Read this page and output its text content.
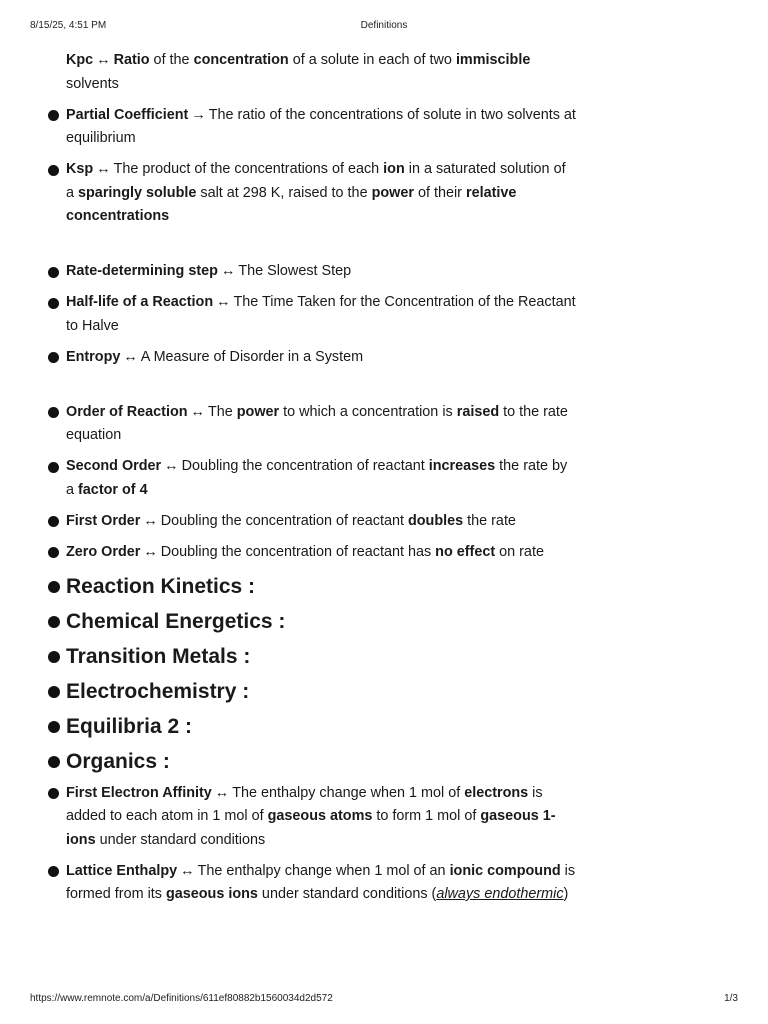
8/15/25, 4:51 PM	Definitions
Kpc ↔ Ratio of the concentration of a solute in each of two immiscible solvents
Partial Coefficient → The ratio of the concentrations of solute in two solvents at equilibrium
Ksp ↔ The product of the concentrations of each ion in a saturated solution of a sparingly soluble salt at 298 K, raised to the power of their relative concentrations
Rate-determining step ↔ The Slowest Step
Half-life of a Reaction ↔ The Time Taken for the Concentration of the Reactant to Halve
Entropy ↔ A Measure of Disorder in a System
Order of Reaction ↔ The power to which a concentration is raised to the rate equation
Second Order ↔ Doubling the concentration of reactant increases the rate by a factor of 4
First Order ↔ Doubling the concentration of reactant doubles the rate
Zero Order ↔ Doubling the concentration of reactant has no effect on rate
Reaction Kinetics :
Chemical Energetics :
Transition Metals :
Electrochemistry :
Equilibria 2 :
Organics :
First Electron Affinity ↔ The enthalpy change when 1 mol of electrons is added to each atom in 1 mol of gaseous atoms to form 1 mol of gaseous 1- ions under standard conditions
Lattice Enthalpy ↔ The enthalpy change when 1 mol of an ionic compound is formed from its gaseous ions under standard conditions (always endothermic)
https://www.remnote.com/a/Definitions/611ef80882b1560034d2d572	1/3
